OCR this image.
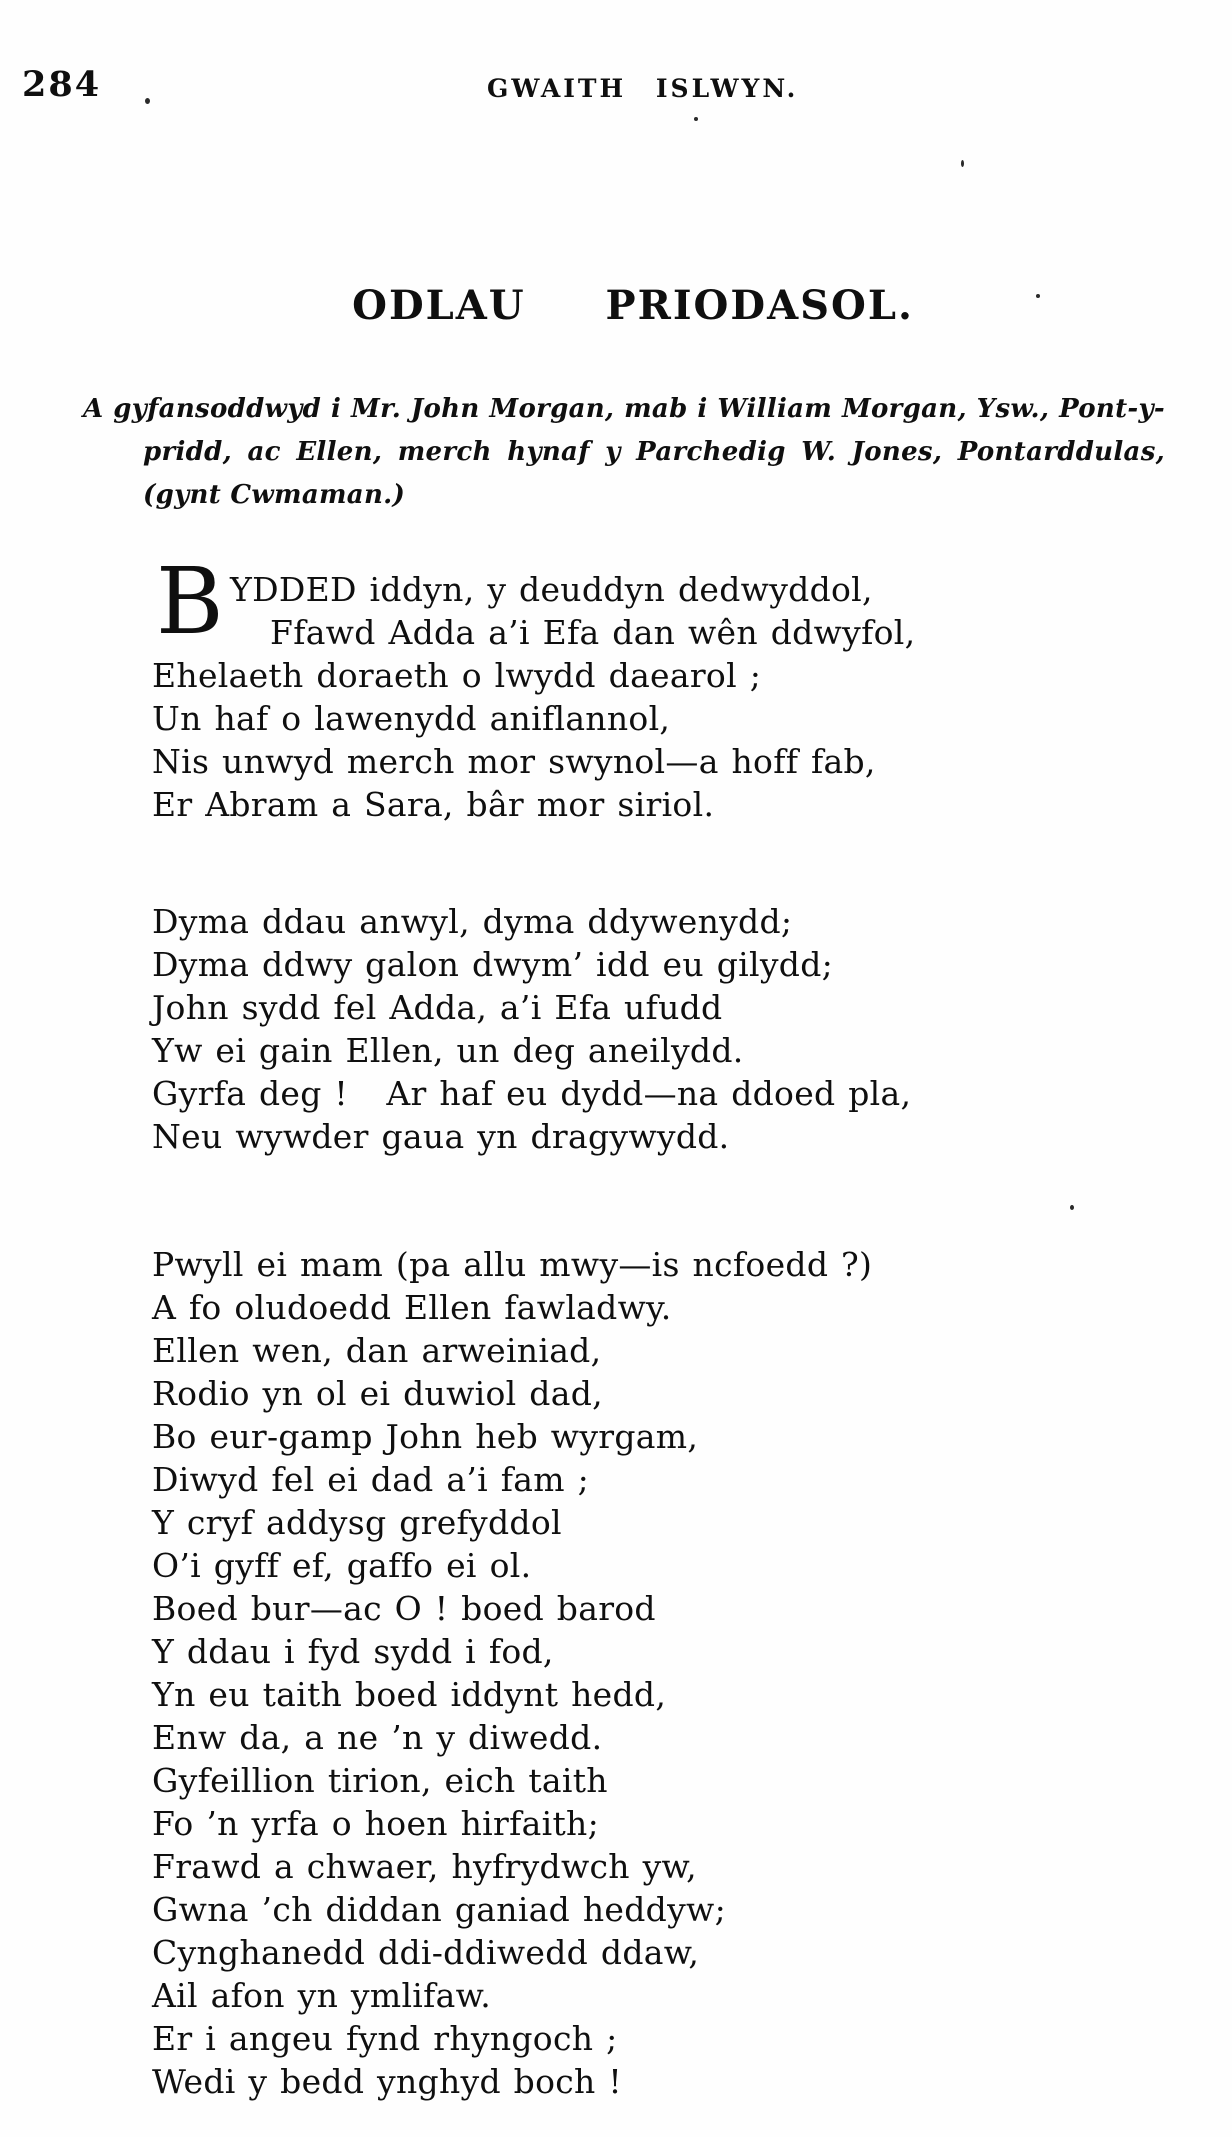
284	GWAITH ISLWYN.
ODLAU  PRIODASOL.
A gyfansoddwyd i Mr. John Morgan, mab i William Morgan, Ysw., Pont-y-
pridd, ac Ellen, merch hynaf y Parchedig W. Jones, Pontarddulas,
(gynt Cwmaman.)
B YDDED iddyn, y deuddyn dedwyddol,
Ffawd Adda a’i Efa dan wên ddwyfol,
Ehelaeth doraeth o lwydd daearol ;
Un haf o lawenydd aniflannol,
Nis unwyd merch mor swynol—a hoff fab,
Er Abram a Sara, bâr mor siriol.
Dyma ddau anwyl, dyma ddywenydd;
Dyma ddwy galon dwym’ idd eu gilydd;
John sydd fel Adda, a’i Efa ufudd
Yw ei gain Ellen, un deg aneilydd.
Gyrfa deg !   Ar haf eu dydd—na ddoed pla,
Neu wywder gaua yn dragywydd.
Pwyll ei mam (pa allu mwy—is ncfoedd ?)
A fo oludoedd Ellen fawladwy.
Ellen wen, dan arweiniad,
Rodio yn ol ei duwiol dad,
Bo eur-gamp John heb wyrgam,
Diwyd fel ei dad a’i fam ;
Y cryf addysg grefyddol
O’i gyff ef, gaffo ei ol.
Boed bur—ac O ! boed barod
Y ddau i fyd sydd i fod,
Yn eu taith boed iddynt hedd,
Enw da, a ne ’n y diwedd.
Gyfeillion tirion, eich taith
Fo ’n yrfa o hoen hirfaith;
Frawd a chwaer, hyfrydwch yw,
Gwna ’ch diddan ganiad heddyw;
Cynghanedd ddi-ddiwedd ddaw,
Ail afon yn ymlifaw.
Er i angeu fynd rhyngoch ;
Wedi y bedd ynghyd boch !
